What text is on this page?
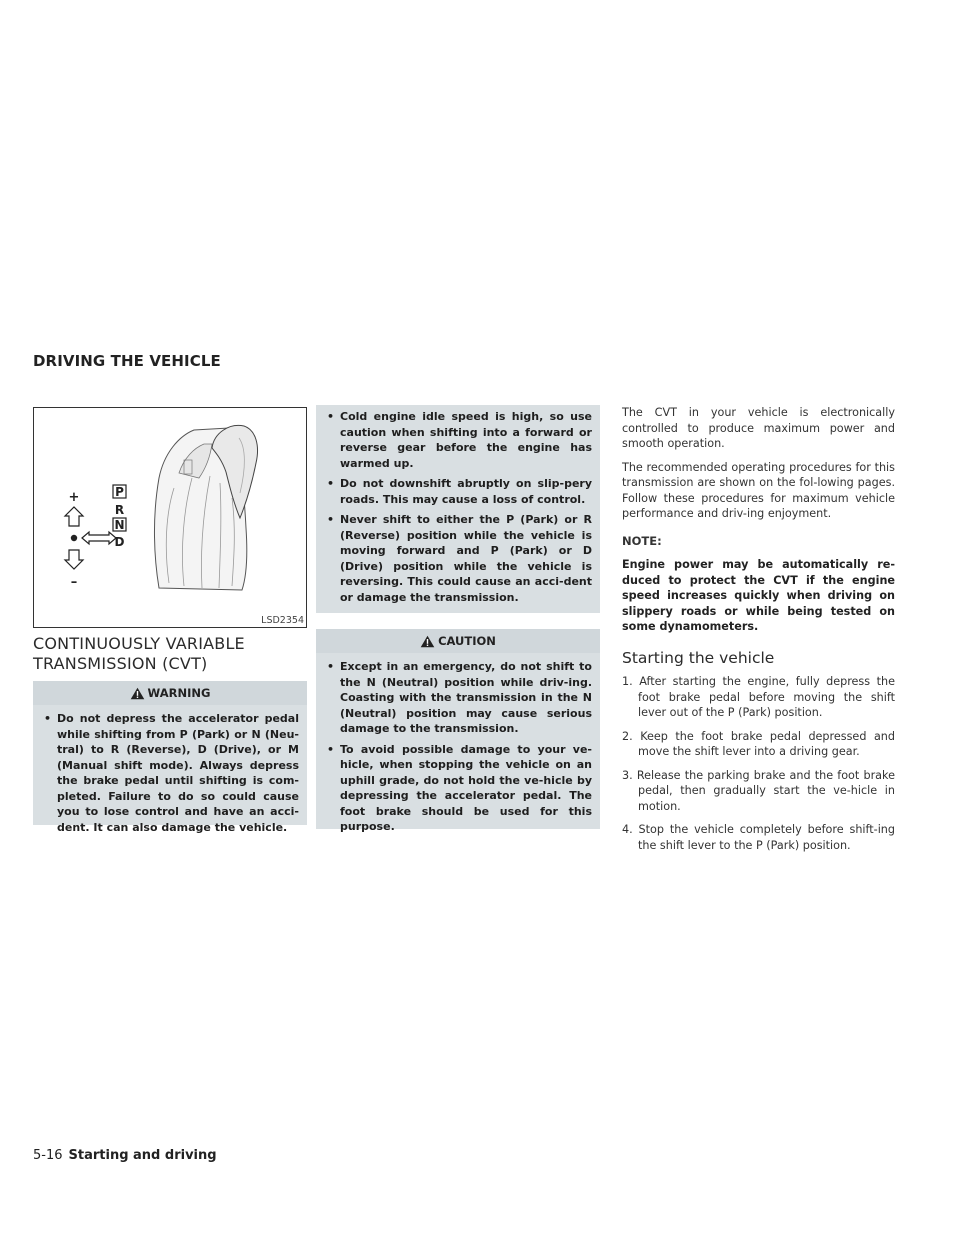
DRIVING THE VEHICLE
+
–
P
R
N
D
LSD2354
CONTINUOUSLY VARIABLE TRANSMISSION (CVT)
WARNING
• Do not depress the accelerator pedal while shifting from P (Park) or N (Neu-tral) to R (Reverse), D (Drive), or M (Manual shift mode). Always depress the brake pedal until shifting is com-pleted. Failure to do so could cause you to lose control and have an acci-dent. It can also damage the vehicle.
• Cold engine idle speed is high, so use caution when shifting into a forward or reverse gear before the engine has warmed up.
• Do not downshift abruptly on slip-pery roads. This may cause a loss of control.
• Never shift to either the P (Park) or R (Reverse) position while the vehicle is moving forward and P (Park) or D (Drive) position while the vehicle is reversing. This could cause an acci-dent or damage the transmission.
CAUTION
• Except in an emergency, do not shift to the N (Neutral) position while driv-ing. Coasting with the transmission in the N (Neutral) position may cause serious damage to the transmission.
• To avoid possible damage to your ve-hicle, when stopping the vehicle on an uphill grade, do not hold the ve-hicle by depressing the accelerator pedal. The foot brake should be used for this purpose.

The CVT in your vehicle is electronically controlled to produce maximum power and smooth operation.

The recommended operating procedures for this transmission are shown on the fol-lowing pages. Follow these procedures for maximum vehicle performance and driv-ing enjoyment.

NOTE:

Engine power may be automatically re-duced to protect the CVT if the engine speed increases quickly when driving on slippery roads or while being tested on some dynamometers.

Starting the vehicle

1. After starting the engine, fully depress the foot brake pedal before moving the shift lever out of the P (Park) position.

2. Keep the foot brake pedal depressed and move the shift lever into a driving gear.

3. Release the parking brake and the foot brake pedal, then gradually start the ve-hicle in motion.

4. Stop the vehicle completely before shift-ing the shift lever to the P (Park) position.

5-16 Starting and driving
